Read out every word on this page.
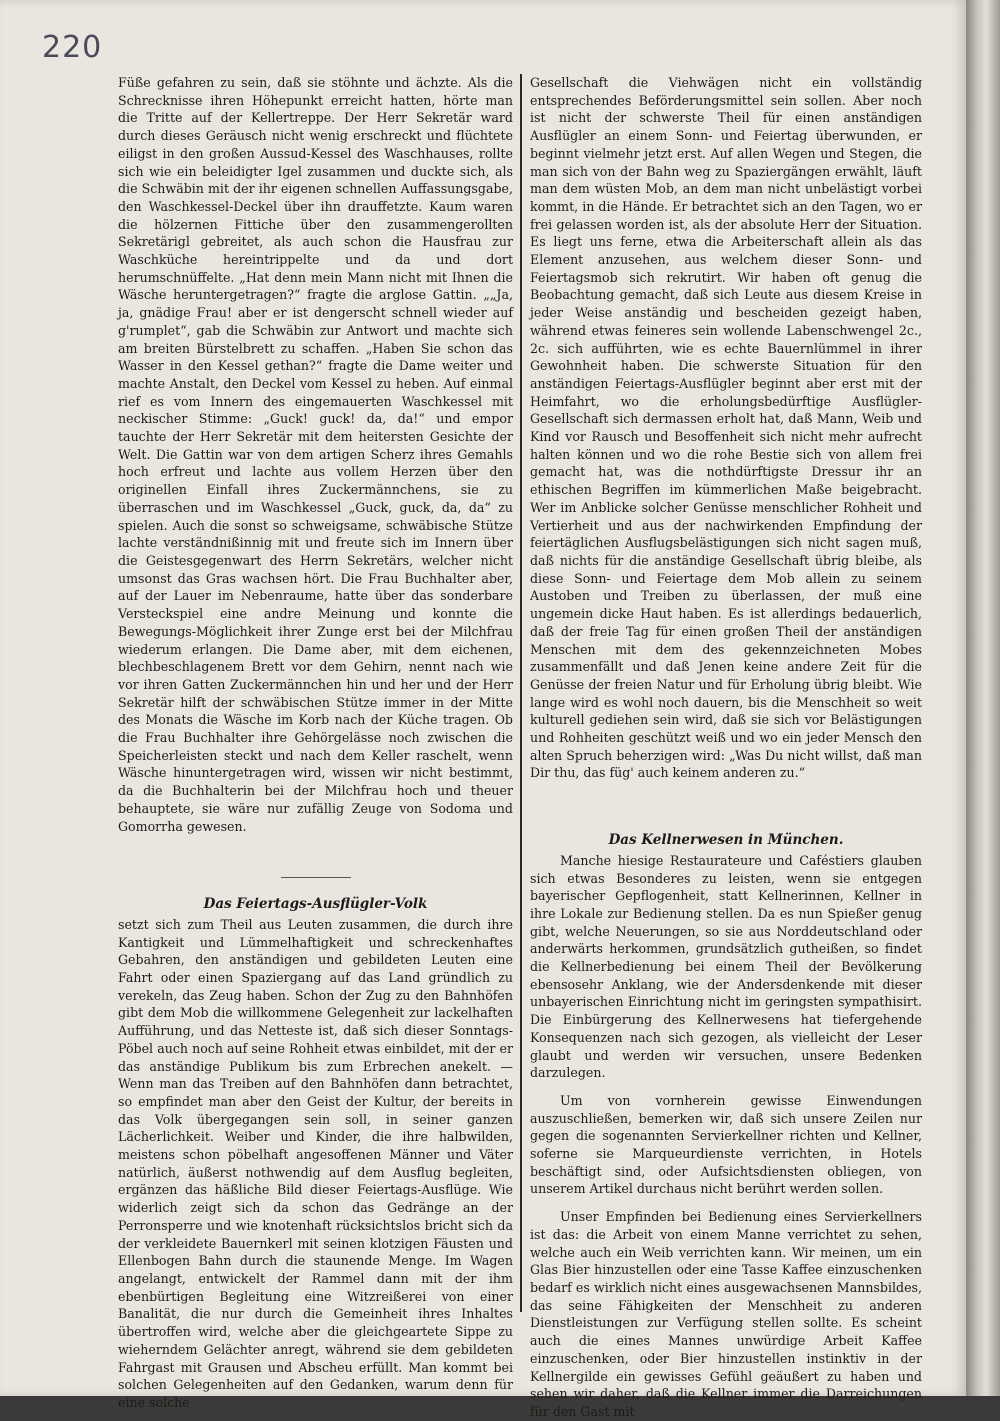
220

Füße gefahren zu sein, daß sie stöhnte und ächzte. Als die Schrecknisse ihren Höhepunkt erreicht hatten, hörte man die Tritte auf der Kellertreppe. Der Herr Sekretär ward durch dieses Geräusch nicht wenig erschreckt und flüchtete eiligst in den großen Aussud-Kessel des Waschhauses, rollte sich wie ein beleidigter Igel zusammen und duckte sich, als die Schwäbin mit der ihr eigenen schnellen Auffassungsgabe, den Waschkessel-Deckel über ihn drauffetzte. Kaum waren die hölzernen Fittiche über den zusammengerollten Sekretärigl gebreitet, als auch schon die Hausfrau zur Waschküche hereintrippelte und da und dort herumschnüffelte. „Hat denn mein Mann nicht mit Ihnen die Wäsche heruntergetragen?“ fragte die arglose Gattin. „„Ja, ja, gnädige Frau! aber er ist dengerscht schnell wieder auf g'rumplet“, gab die Schwäbin zur Antwort und machte sich am breiten Bürstelbrett zu schaffen. „Haben Sie schon das Wasser in den Kessel gethan?“ fragte die Dame weiter und machte Anstalt, den Deckel vom Kessel zu heben. Auf einmal rief es vom Innern des eingemauerten Waschkessel mit neckischer Stimme: „Guck! guck! da, da!“ und empor tauchte der Herr Sekretär mit dem heitersten Gesichte der Welt. Die Gattin war von dem artigen Scherz ihres Gemahls hoch erfreut und lachte aus vollem Herzen über den originellen Einfall ihres Zuckermännchens, sie zu überraschen und im Waschkessel „Guck, guck, da, da“ zu spielen. Auch die sonst so schweigsame, schwäbische Stütze lachte verständnißinnig mit und freute sich im Innern über die Geistesgegenwart des Herrn Sekretärs, welcher nicht umsonst das Gras wachsen hört. Die Frau Buchhalter aber, auf der Lauer im Nebenraume, hatte über das sonderbare Versteckspiel eine andre Meinung und konnte die Bewegungs-Möglichkeit ihrer Zunge erst bei der Milchfrau wiederum erlangen. Die Dame aber, mit dem eichenen, blechbeschlagenem Brett vor dem Gehirn, nennt nach wie vor ihren Gatten Zuckermännchen hin und her und der Herr Sekretär hilft der schwäbischen Stütze immer in der Mitte des Monats die Wäsche im Korb nach der Küche tragen. Ob die Frau Buchhalter ihre Gehörgelässe noch zwischen die Speicherleisten steckt und nach dem Keller raschelt, wenn Wäsche hinuntergetragen wird, wissen wir nicht bestimmt, da die Buchhalterin bei der Milchfrau hoch und theuer behauptete, sie wäre nur zufällig Zeuge von Sodoma und Gomorrha gewesen.

Das Feiertags-Ausflügler-Volk

setzt sich zum Theil aus Leuten zusammen, die durch ihre Kantigkeit und Lümmelhaftigkeit und schreckenhaftes Gebahren, den anständigen und gebildeten Leuten eine Fahrt oder einen Spaziergang auf das Land gründlich zu verekeln, das Zeug haben. Schon der Zug zu den Bahnhöfen gibt dem Mob die willkommene Gelegenheit zur lackelhaften Aufführung, und das Netteste ist, daß sich dieser Sonntags-Pöbel auch noch auf seine Rohheit etwas einbildet, mit der er das anständige Publikum bis zum Erbrechen anekelt. — Wenn man das Treiben auf den Bahnhöfen dann betrachtet, so empfindet man aber den Geist der Kultur, der bereits in das Volk übergegangen sein soll, in seiner ganzen Lächerlichkeit. Weiber und Kinder, die ihre halbwilden, meistens schon pöbelhaft angesoffenen Männer und Väter natürlich, äußerst nothwendig auf dem Ausflug begleiten, ergänzen das häßliche Bild dieser Feiertags-Ausflüge. Wie widerlich zeigt sich da schon das Gedränge an der Perronsperre und wie knotenhaft rücksichtslos bricht sich da der verkleidete Bauernkerl mit seinen klotzigen Fäusten und Ellenbogen Bahn durch die staunende Menge. Im Wagen angelangt, entwickelt der Rammel dann mit der ihm ebenbürtigen Begleitung eine Witzreißerei von einer Banalität, die nur durch die Gemeinheit ihres Inhaltes übertroffen wird, welche aber die gleichgeartete Sippe zu wieherndem Gelächter anregt, während sie dem gebildeten Fahrgast mit Grausen und Abscheu erfüllt. Man kommt bei solchen Gelegenheiten auf den Gedanken, warum denn für eine solche

Gesellschaft die Viehwägen nicht ein vollständig entsprechendes Beförderungsmittel sein sollen. Aber noch ist nicht der schwerste Theil für einen anständigen Ausflügler an einem Sonn- und Feiertag überwunden, er beginnt vielmehr jetzt erst. Auf allen Wegen und Stegen, die man sich von der Bahn weg zu Spaziergängen erwählt, läuft man dem wüsten Mob, an dem man nicht unbelästigt vorbei kommt, in die Hände. Er betrachtet sich an den Tagen, wo er frei gelassen worden ist, als der absolute Herr der Situation. Es liegt uns ferne, etwa die Arbeiterschaft allein als das Element anzusehen, aus welchem dieser Sonn- und Feiertagsmob sich rekrutirt. Wir haben oft genug die Beobachtung gemacht, daß sich Leute aus diesem Kreise in jeder Weise anständig und bescheiden gezeigt haben, während etwas feineres sein wollende Labenschwengel 2c., 2c. sich aufführten, wie es echte Bauernlümmel in ihrer Gewohnheit haben. Die schwerste Situation für den anständigen Feiertags-Ausflügler beginnt aber erst mit der Heimfahrt, wo die erholungsbedürftige Ausflügler-Gesellschaft sich dermassen erholt hat, daß Mann, Weib und Kind vor Rausch und Besoffenheit sich nicht mehr aufrecht halten können und wo die rohe Bestie sich von allem frei gemacht hat, was die nothdürftigste Dressur ihr an ethischen Begriffen im kümmerlichen Maße beigebracht. Wer im Anblicke solcher Genüsse menschlicher Rohheit und Vertierheit und aus der nachwirkenden Empfindung der feiertäglichen Ausflugsbelästigungen sich nicht sagen muß, daß nichts für die anständige Gesellschaft übrig bleibe, als diese Sonn- und Feiertage dem Mob allein zu seinem Austoben und Treiben zu überlassen, der muß eine ungemein dicke Haut haben. Es ist allerdings bedauerlich, daß der freie Tag für einen großen Theil der anständigen Menschen mit dem des gekennzeichneten Mobes zusammenfällt und daß Jenen keine andere Zeit für die Genüsse der freien Natur und für Erholung übrig bleibt. Wie lange wird es wohl noch dauern, bis die Menschheit so weit kulturell gediehen sein wird, daß sie sich vor Belästigungen und Rohheiten geschützt weiß und wo ein jeder Mensch den alten Spruch beherzigen wird: „Was Du nicht willst, daß man Dir thu, das füg' auch keinem anderen zu.“

Das Kellnerwesen in München.

Manche hiesige Restaurateure und Caféstiers glauben sich etwas Besonderes zu leisten, wenn sie entgegen bayerischer Gepflogenheit, statt Kellnerinnen, Kellner in ihre Lokale zur Bedienung stellen. Da es nun Spießer genug gibt, welche Neuerungen, so sie aus Norddeutschland oder anderwärts herkommen, grundsätzlich gutheißen, so findet die Kellnerbedienung bei einem Theil der Bevölkerung ebensosehr Anklang, wie der Andersdenkende mit dieser unbayerischen Einrichtung nicht im geringsten sympathisirt. Die Einbürgerung des Kellnerwesens hat tiefergehende Konsequenzen nach sich gezogen, als vielleicht der Leser glaubt und werden wir versuchen, unsere Bedenken darzulegen.

Um von vornherein gewisse Einwendungen auszuschließen, bemerken wir, daß sich unsere Zeilen nur gegen die sogenannten Servierkellner richten und Kellner, soferne sie Marqueurdienste verrichten, in Hotels beschäftigt sind, oder Aufsichtsdiensten obliegen, von unserem Artikel durchaus nicht berührt werden sollen.

Unser Empfinden bei Bedienung eines Servierkellners ist das: die Arbeit von einem Manne verrichtet zu sehen, welche auch ein Weib verrichten kann. Wir meinen, um ein Glas Bier hinzustellen oder eine Tasse Kaffee einzuschenken bedarf es wirklich nicht eines ausgewachsenen Mannsbildes, das seine Fähigkeiten der Menschheit zu anderen Dienstleistungen zur Verfügung stellen sollte. Es scheint auch die eines Mannes unwürdige Arbeit Kaffee einzuschenken, oder Bier hinzustellen instinktiv in der Kellnergilde ein gewisses Gefühl geäußert zu haben und sehen wir daher, daß die Kellner immer die Darreichungen für den Gast mit
